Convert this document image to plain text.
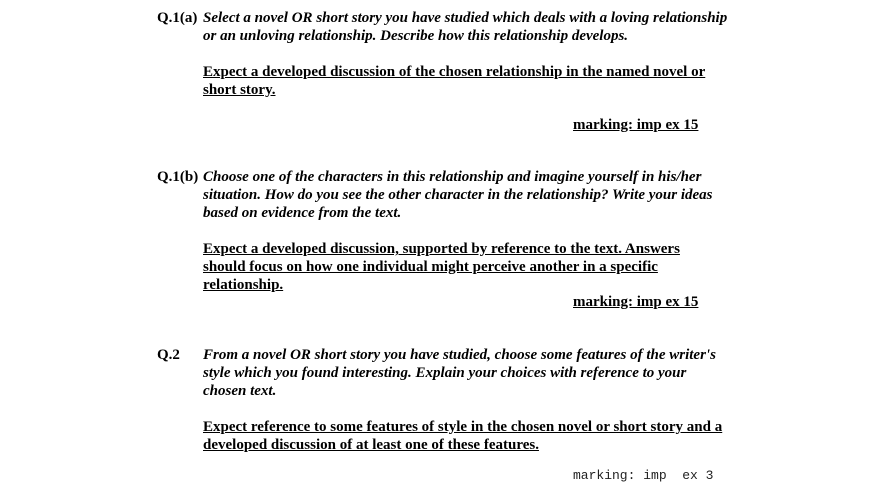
Q.1(a) Select a novel OR short story you have studied which deals with a loving relationship or an unloving relationship. Describe how this relationship develops.
Expect a developed discussion of the chosen relationship in the named novel or short story.
marking: imp ex 15
Q.1(b) Choose one of the characters in this relationship and imagine yourself in his/her situation. How do you see the other character in the relationship? Write your ideas based on evidence from the text.
Expect a developed discussion, supported by reference to the text. Answers should focus on how one individual might perceive another in a specific relationship.
marking: imp ex 15
Q.2 From a novel OR short story you have studied, choose some features of the writer's style which you found interesting. Explain your choices with reference to your chosen text.
Expect reference to some features of style in the chosen novel or short story and a developed discussion of at least one of these features.
marking: imp  ex 3
